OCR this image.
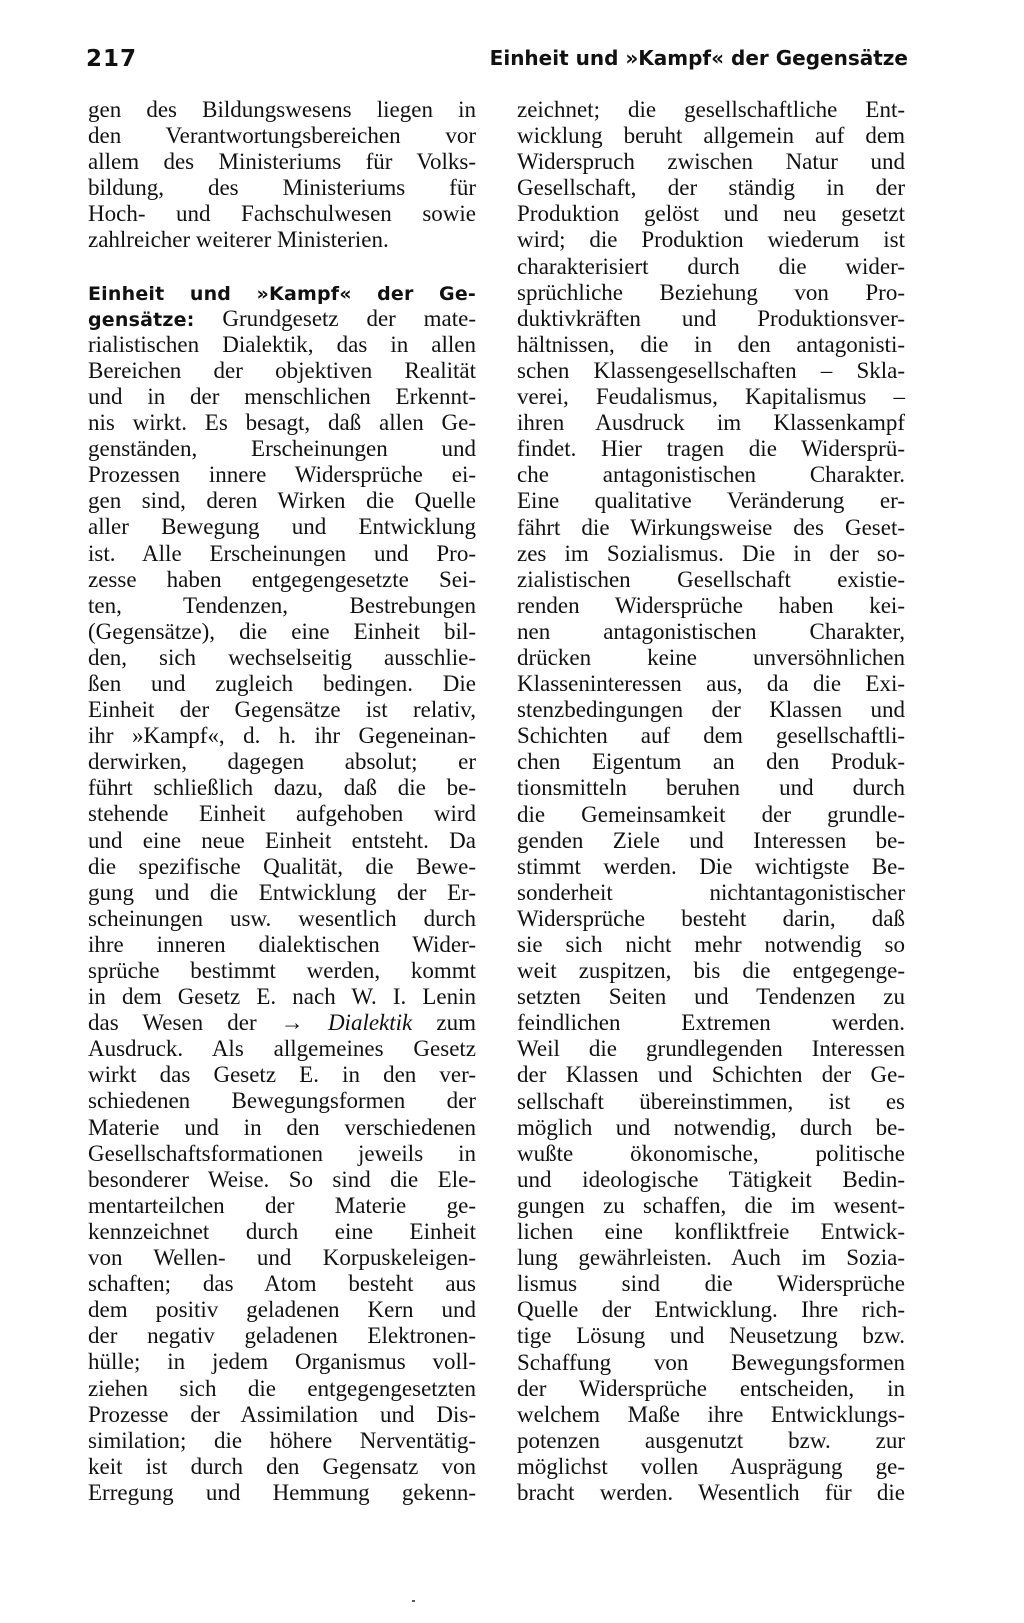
217	Einheit und »Kampf« der Gegensätze
gen des Bildungswesens liegen in
den Verantwortungsbereichen vor
allem des Ministeriums für Volks-
bildung, des Ministeriums für
Hoch- und Fachschulwesen sowie
zahlreicher weiterer Ministerien.
Einheit und »Kampf« der Ge-
gensätze: Grundgesetz der mate-
rialistischen Dialektik, das in allen
Bereichen der objektiven Realität
und in der menschlichen Erkennt-
nis wirkt. Es besagt, daß allen Ge-
genständen, Erscheinungen und
Prozessen innere Widersprüche ei-
gen sind, deren Wirken die Quelle
aller Bewegung und Entwicklung
ist. Alle Erscheinungen und Pro-
zesse haben entgegengesetzte Sei-
ten, Tendenzen, Bestrebungen
(Gegensätze), die eine Einheit bil-
den, sich wechselseitig ausschlie-
ßen und zugleich bedingen. Die
Einheit der Gegensätze ist relativ,
ihr »Kampf«, d. h. ihr Gegeneinan-
derwirken, dagegen absolut; er
führt schließlich dazu, daß die be-
stehende Einheit aufgehoben wird
und eine neue Einheit entsteht. Da
die spezifische Qualität, die Bewe-
gung und die Entwicklung der Er-
scheinungen usw. wesentlich durch
ihre inneren dialektischen Wider-
sprüche bestimmt werden, kommt
in dem Gesetz E. nach W. I. Lenin
das Wesen der → Dialektik zum
Ausdruck. Als allgemeines Gesetz
wirkt das Gesetz E. in den ver-
schiedenen Bewegungsformen der
Materie und in den verschiedenen
Gesellschaftsformationen jeweils in
besonderer Weise. So sind die Ele-
mentarteilchen der Materie ge-
kennzeichnet durch eine Einheit
von Wellen- und Korpuskeleigen-
schaften; das Atom besteht aus
dem positiv geladenen Kern und
der negativ geladenen Elektronen-
hülle; in jedem Organismus voll-
ziehen sich die entgegengesetzten
Prozesse der Assimilation und Dis-
similation; die höhere Nerventätig-
keit ist durch den Gegensatz von
Erregung und Hemmung gekenn-
zeichnet; die gesellschaftliche Ent-
wicklung beruht allgemein auf dem
Widerspruch zwischen Natur und
Gesellschaft, der ständig in der
Produktion gelöst und neu gesetzt
wird; die Produktion wiederum ist
charakterisiert durch die wider-
sprüchliche Beziehung von Pro-
duktivkräften und Produktionsver-
hältnissen, die in den antagonisti-
schen Klassengesellschaften – Skla-
verei, Feudalismus, Kapitalismus –
ihren Ausdruck im Klassenkampf
findet. Hier tragen die Widersprü-
che antagonistischen Charakter.
Eine qualitative Veränderung er-
fährt die Wirkungsweise des Geset-
zes im Sozialismus. Die in der so-
zialistischen Gesellschaft existie-
renden Widersprüche haben kei-
nen antagonistischen Charakter,
drücken keine unversöhnlichen
Klasseninteressen aus, da die Exi-
stenzbedingungen der Klassen und
Schichten auf dem gesellschaftli-
chen Eigentum an den Produk-
tionsmitteln beruhen und durch
die Gemeinsamkeit der grundle-
genden Ziele und Interessen be-
stimmt werden. Die wichtigste Be-
sonderheit nichtantagonistischer
Widersprüche besteht darin, daß
sie sich nicht mehr notwendig so
weit zuspitzen, bis die entgegenge-
setzten Seiten und Tendenzen zu
feindlichen Extremen werden.
Weil die grundlegenden Interessen
der Klassen und Schichten der Ge-
sellschaft übereinstimmen, ist es
möglich und notwendig, durch be-
wußte ökonomische, politische
und ideologische Tätigkeit Bedin-
gungen zu schaffen, die im wesent-
lichen eine konfliktfreie Entwick-
lung gewährleisten. Auch im Sozia-
lismus sind die Widersprüche
Quelle der Entwicklung. Ihre rich-
tige Lösung und Neusetzung bzw.
Schaffung von Bewegungsformen
der Widersprüche entscheiden, in
welchem Maße ihre Entwicklungs-
potenzen ausgenutzt bzw. zur
möglichst vollen Ausprägung ge-
bracht werden. Wesentlich für die
